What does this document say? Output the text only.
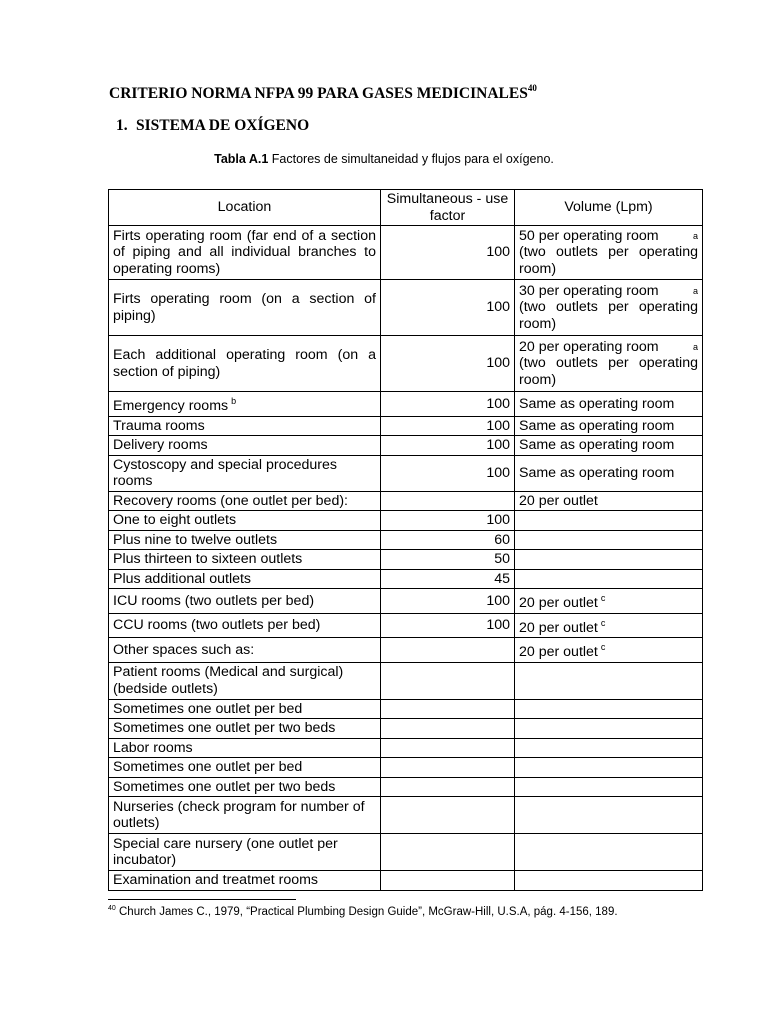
CRITERIO NORMA NFPA 99 PARA GASES MEDICINALES$^{40}$
1. SISTEMA DE OXÍGENO
Tabla A.1 Factores de simultaneidad y flujos para el oxígeno.
Location	Simultaneous - use factor	Volume (Lpm)
Firts operating room (far end of a section of piping and all individual branches to operating rooms)	100	50 per operating room a
(two outlets per operating room)

Firts operating room (on a section of piping)	100	30 per operating room a
(two outlets per operating room)

Each additional operating room (on a section of piping)	100	20 per operating room a
(two outlets per operating room)

Emergency rooms $^b$	100	Same as operating room
Trauma rooms	100	Same as operating room
Delivery rooms	100	Same as operating room
Cystoscopy and special procedures rooms	100	Same as operating room
Recovery rooms (one outlet per bed):		20 per outlet
One to eight outlets	100	
Plus nine to twelve outlets	60	
Plus thirteen to sixteen outlets	50	
Plus additional outlets	45	
ICU rooms (two outlets per bed)	100	20 per outlet $^c$
CCU rooms (two outlets per bed)	100	20 per outlet $^c$
Other spaces such as:		20 per outlet $^c$
Patient rooms (Medical and surgical) (bedside outlets)		
Sometimes one outlet per bed		
Sometimes one outlet per two beds		
Labor rooms		
Sometimes one outlet per bed		
Sometimes one outlet per two beds		
Nurseries (check program for number of outlets)		
Special care nursery (one outlet per incubator)		
Examination and treatmet rooms		
$^{40}$ Church James C., 1979, “Practical Plumbing Design Guide”, McGraw-Hill, U.S.A, pág. 4-156, 189.
